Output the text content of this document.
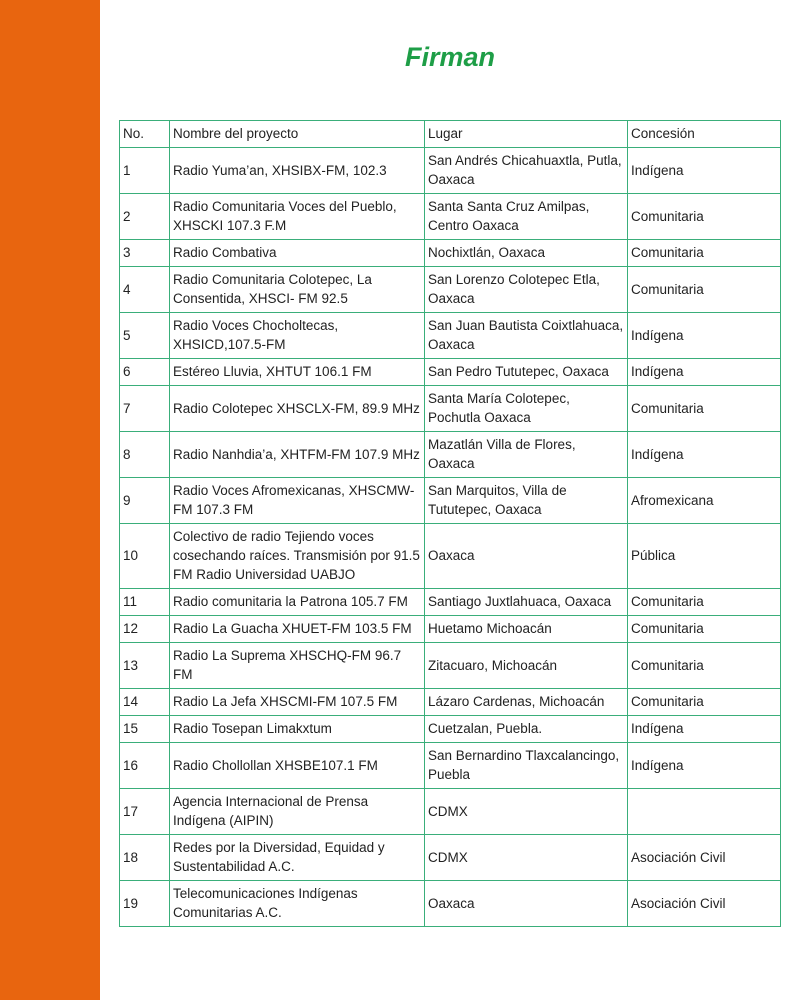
Firman
No.	Nombre del proyecto	Lugar	Concesión
1	Radio Yuma’an, XHSIBX-FM, 102.3	San Andrés Chicahuaxtla, Putla, Oaxaca	Indígena
2	Radio Comunitaria Voces del Pueblo, XHSCKI 107.3 F.M	Santa Santa Cruz Amilpas, Centro Oaxaca	Comunitaria
3	Radio Combativa	Nochixtlán, Oaxaca	Comunitaria
4	Radio Comunitaria Colotepec, La Consentida, XHSCI- FM 92.5	San Lorenzo Colotepec Etla, Oaxaca	Comunitaria
5	Radio Voces Chocholtecas, XHSICD,107.5-FM	San Juan Bautista Coixtlahuaca, Oaxaca	Indígena
6	Estéreo Lluvia, XHTUT 106.1 FM	San Pedro Tututepec, Oaxaca	Indígena
7	Radio Colotepec XHSCLX-FM, 89.9 MHz	Santa María Colotepec, Pochutla Oaxaca	Comunitaria
8	Radio Nanhdia’a, XHTFM-FM 107.9 MHz	Mazatlán Villa de Flores, Oaxaca	Indígena
9	Radio Voces Afromexicanas, XHSCMW-FM 107.3 FM	San Marquitos, Villa de Tututepec, Oaxaca	Afromexicana
10	Colectivo de radio Tejiendo voces cosechando raíces. Transmisión por 91.5 FM Radio Universidad UABJO	Oaxaca	Pública
11	Radio comunitaria la Patrona 105.7 FM	Santiago Juxtlahuaca, Oaxaca	Comunitaria
12	Radio La Guacha XHUET-FM 103.5 FM	Huetamo Michoacán	Comunitaria
13	Radio La Suprema XHSCHQ-FM 96.7 FM	Zitacuaro, Michoacán	Comunitaria
14	Radio La Jefa XHSCMI-FM 107.5 FM	Lázaro Cardenas, Michoacán	Comunitaria
15	Radio Tosepan Limakxtum	Cuetzalan, Puebla.	Indígena
16	Radio Chollollan XHSBE107.1 FM	San Bernardino Tlaxcalancingo, Puebla	Indígena
17	Agencia Internacional de Prensa Indígena (AIPIN)	CDMX	
18	Redes por la Diversidad, Equidad y Sustentabilidad A.C.	CDMX	Asociación Civil
19	Telecomunicaciones Indígenas Comunitarias A.C.	Oaxaca	Asociación Civil
